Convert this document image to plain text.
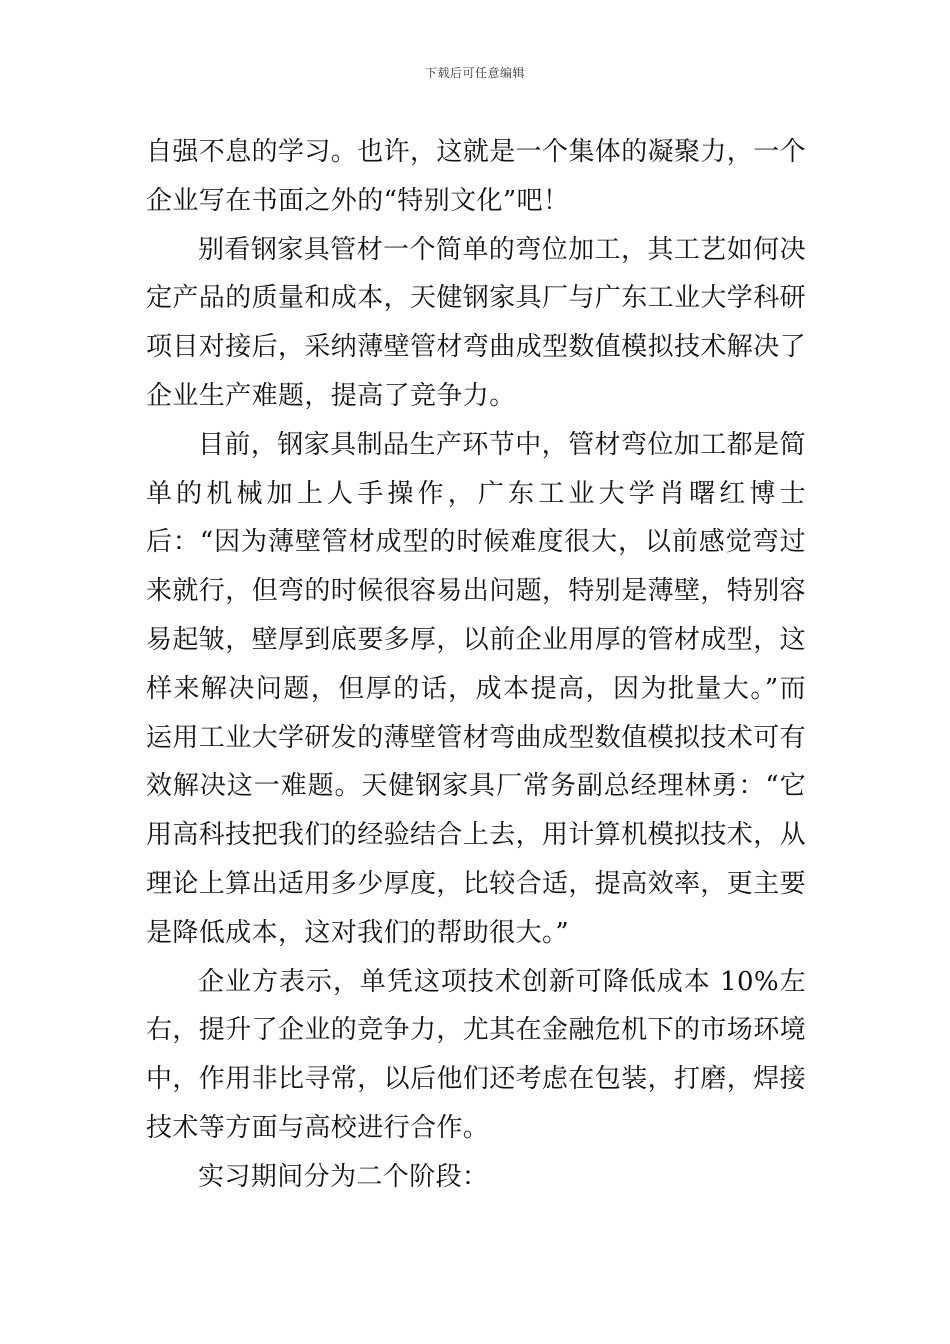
下载后可任意编辑

自强不息的学习。也许，这就是一个集体的凝聚力，一个企业写在书面之外的“特别文化”吧！

别看钢家具管材一个简单的弯位加工，其工艺如何决定产品的质量和成本，天健钢家具厂与广东工业大学科研项目对接后，采纳薄壁管材弯曲成型数值模拟技术解决了企业生产难题，提高了竞争力。

目前，钢家具制品生产环节中，管材弯位加工都是简单的机械加上人手操作，广东工业大学肖曙红博士后：“因为薄壁管材成型的时候难度很大，以前感觉弯过来就行，但弯的时候很容易出问题，特别是薄壁，特别容易起皱，壁厚到底要多厚，以前企业用厚的管材成型，这样来解决问题，但厚的话，成本提高，因为批量大。”而运用工业大学研发的薄壁管材弯曲成型数值模拟技术可有效解决这一难题。天健钢家具厂常务副总经理林勇：“它用高科技把我们的经验结合上去，用计算机模拟技术，从理论上算出适用多少厚度，比较合适，提高效率，更主要是降低成本，这对我们的帮助很大。”

企业方表示，单凭这项技术创新可降低成本 10%左右，提升了企业的竞争力，尤其在金融危机下的市场环境中，作用非比寻常，以后他们还考虑在包装，打磨，焊接技术等方面与高校进行合作。

实习期间分为二个阶段：
